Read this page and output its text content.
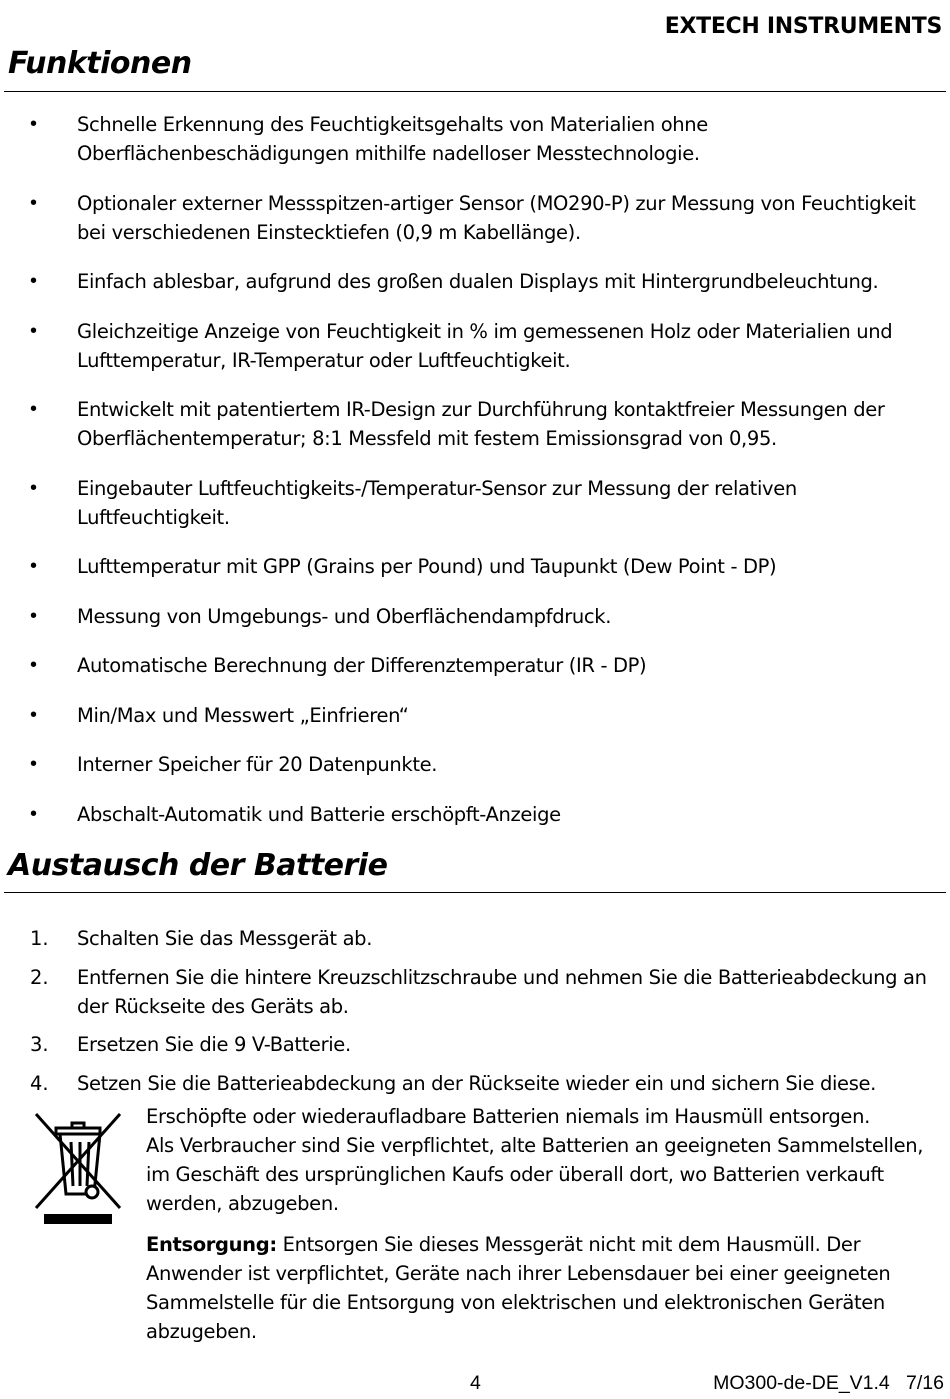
EXTECH INSTRUMENTS
Funktionen
• Schnelle Erkennung des Feuchtigkeitsgehalts von Materialien ohne Oberflächenbeschädigungen mithilfe nadelloser Messtechnologie.
• Optionaler externer Messspitzen-artiger Sensor (MO290-P) zur Messung von Feuchtigkeit bei verschiedenen Einstecktiefen (0,9 m Kabellänge).
• Einfach ablesbar, aufgrund des großen dualen Displays mit Hintergrundbeleuchtung.
• Gleichzeitige Anzeige von Feuchtigkeit in % im gemessenen Holz oder Materialien und Lufttemperatur, IR-Temperatur oder Luftfeuchtigkeit.
• Entwickelt mit patentiertem IR-Design zur Durchführung kontaktfreier Messungen der Oberflächentemperatur; 8:1 Messfeld mit festem Emissionsgrad von 0,95.
• Eingebauter Luftfeuchtigkeits-/Temperatur-Sensor zur Messung der relativen Luftfeuchtigkeit.
• Lufttemperatur mit GPP (Grains per Pound) und Taupunkt (Dew Point - DP)
• Messung von Umgebungs- und Oberflächendampfdruck.
• Automatische Berechnung der Differenztemperatur (IR - DP)
• Min/Max und Messwert „Einfrieren“
• Interner Speicher für 20 Datenpunkte.
• Abschalt-Automatik und Batterie erschöpft-Anzeige
Austausch der Batterie
1. Schalten Sie das Messgerät ab.
2. Entfernen Sie die hintere Kreuzschlitzschraube und nehmen Sie die Batterieabdeckung an der Rückseite des Geräts ab.
3. Ersetzen Sie die 9 V-Batterie.
4. Setzen Sie die Batterieabdeckung an der Rückseite wieder ein und sichern Sie diese.
Erschöpfte oder wiederaufladbare Batterien niemals im Hausmüll entsorgen.
Als Verbraucher sind Sie verpflichtet, alte Batterien an geeigneten Sammelstellen, im Geschäft des ursprünglichen Kaufs oder überall dort, wo Batterien verkauft werden, abzugeben.
Entsorgung: Entsorgen Sie dieses Messgerät nicht mit dem Hausmüll. Der Anwender ist verpflichtet, Geräte nach ihrer Lebensdauer bei einer geeigneten Sammelstelle für die Entsorgung von elektrischen und elektronischen Geräten abzugeben.
4	MO300-de-DE_V1.4   7/16
